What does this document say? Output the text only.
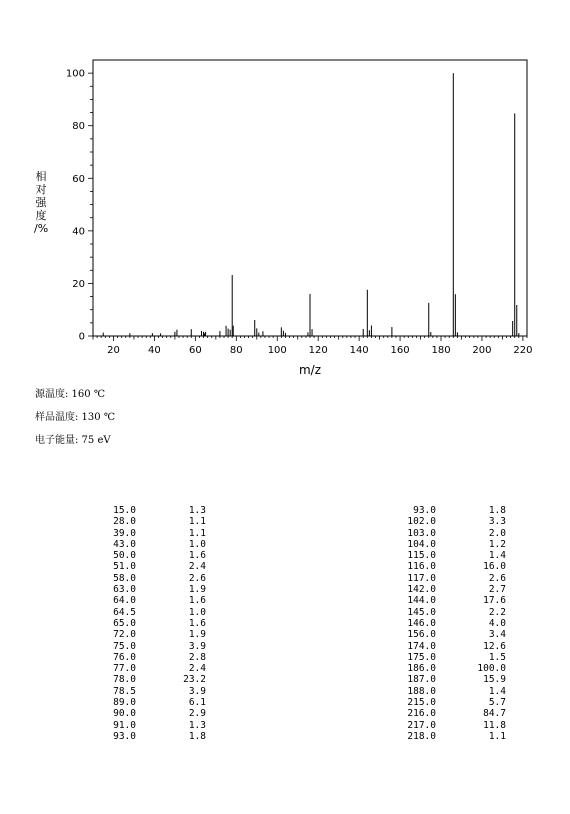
20	40	60	80	100 120 140 160 180 200 220
0
20
40
60
80
100
m/z
相
对
强
度
/%
源温度: 160 ℃
样品温度: 130 ℃
电子能量: 75 eV
15.0	1.3
28.0	1.1
39.0	1.1
43.0	1.0
50.0	1.6
51.0	2.4
58.0	2.6
63.0	1.9
64.0	1.6
64.5	1.0
65.0	1.6
72.0	1.9
75.0	3.9
76.0	2.8
77.0	2.4
78.0	23.2
78.5	3.9
89.0	6.1
90.0	2.9
91.0	1.3
93.0	1.8
93.0	1.8
102.0	3.3
103.0	2.0
104.0	1.2
115.0	1.4
116.0	16.0
117.0	2.6
142.0	2.7
144.0	17.6
145.0	2.2
146.0	4.0
156.0	3.4
174.0	12.6
175.0	1.5
186.0	100.0
187.0	15.9
188.0	1.4
215.0	5.7
216.0	84.7
217.0	11.8
218.0	1.1
